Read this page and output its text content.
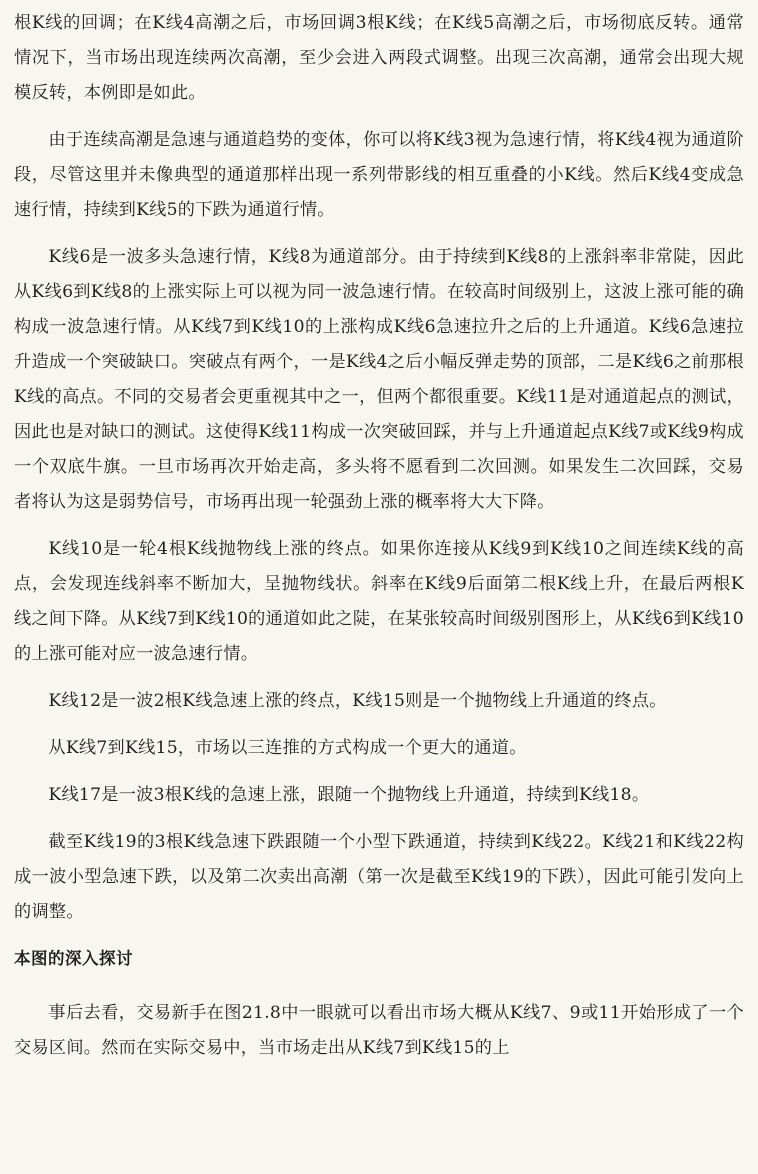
根K线的回调；在K线4高潮之后，市场回调3根K线；在K线5高潮之后，市场彻底反转。通常情况下，当市场出现连续两次高潮，至少会进入两段式调整。出现三次高潮，通常会出现大规模反转，本例即是如此。

由于连续高潮是急速与通道趋势的变体，你可以将K线3视为急速行情，将K线4视为通道阶段，尽管这里并未像典型的通道那样出现一系列带影线的相互重叠的小K线。然后K线4变成急速行情，持续到K线5的下跌为通道行情。

K线6是一波多头急速行情，K线8为通道部分。由于持续到K线8的上涨斜率非常陡，因此从K线6到K线8的上涨实际上可以视为同一波急速行情。在较高时间级别上，这波上涨可能的确构成一波急速行情。从K线7到K线10的上涨构成K线6急速拉升之后的上升通道。K线6急速拉升造成一个突破缺口。突破点有两个，一是K线4之后小幅反弹走势的顶部，二是K线6之前那根K线的高点。不同的交易者会更重视其中之一，但两个都很重要。K线11是对通道起点的测试，因此也是对缺口的测试。这使得K线11构成一次突破回踩，并与上升通道起点K线7或K线9构成一个双底牛旗。一旦市场再次开始走高，多头将不愿看到二次回测。如果发生二次回踩，交易者将认为这是弱势信号，市场再出现一轮强劲上涨的概率将大大下降。

K线10是一轮4根K线抛物线上涨的终点。如果你连接从K线9到K线10之间连续K线的高点，会发现连线斜率不断加大，呈抛物线状。斜率在K线9后面第二根K线上升，在最后两根K线之间下降。从K线7到K线10的通道如此之陡，在某张较高时间级别图形上，从K线6到K线10的上涨可能对应一波急速行情。

K线12是一波2根K线急速上涨的终点，K线15则是一个抛物线上升通道的终点。

从K线7到K线15，市场以三连推的方式构成一个更大的通道。

K线17是一波3根K线的急速上涨，跟随一个抛物线上升通道，持续到K线18。

截至K线19的3根K线急速下跌跟随一个小型下跌通道，持续到K线22。K线21和K线22构成一波小型急速下跌，以及第二次卖出高潮（第一次是截至K线19的下跌），因此可能引发向上的调整。

本图的深入探讨

事后去看，交易新手在图21.8中一眼就可以看出市场大概从K线7、9或11开始形成了一个交易区间。然而在实际交易中，当市场走出从K线7到K线15的上
